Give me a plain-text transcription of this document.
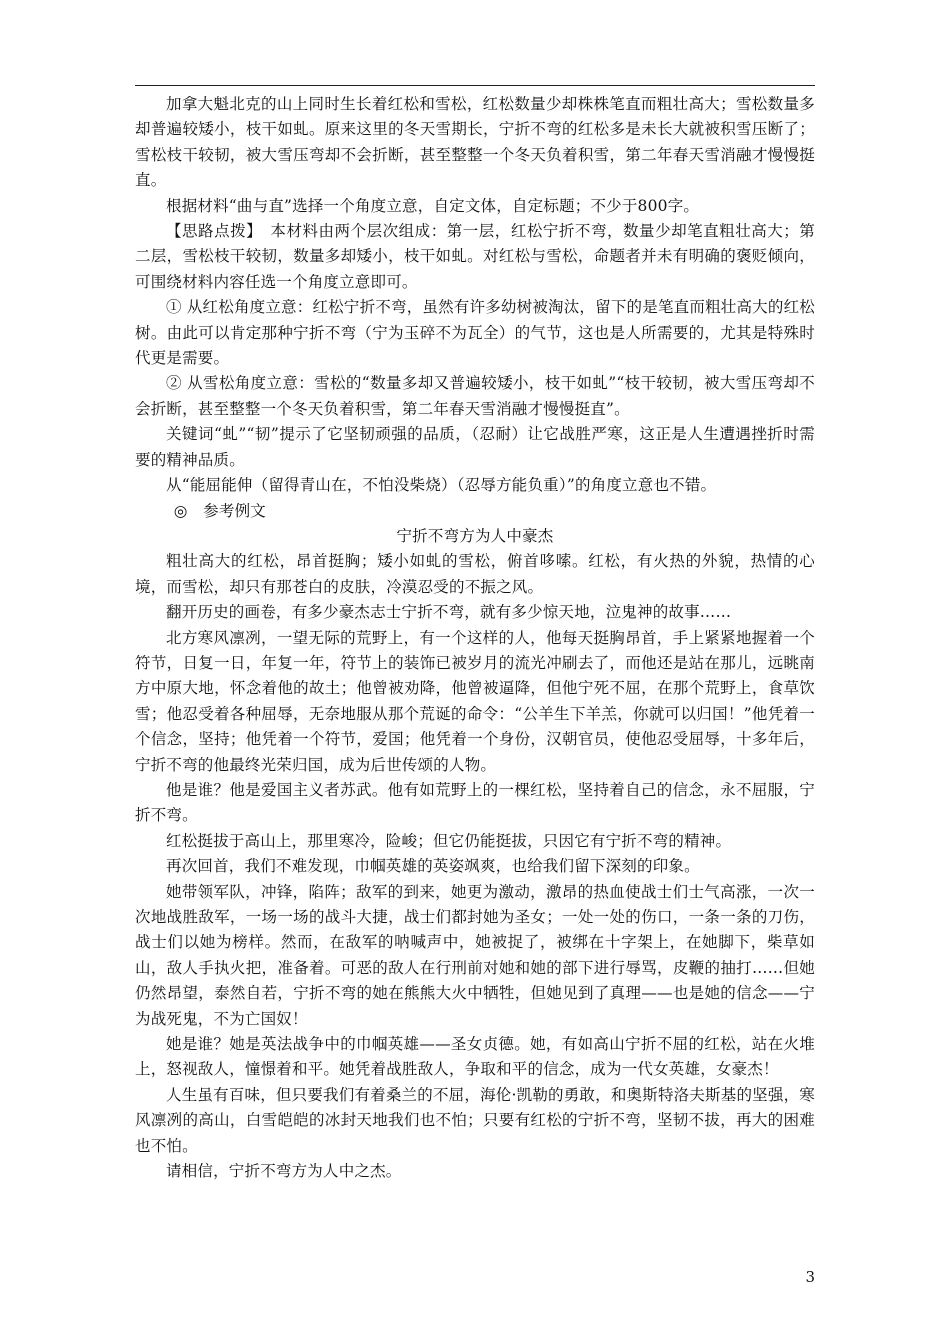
加拿大魁北克的山上同时生长着红松和雪松，红松数量少却株株笔直而粗壮高大；雪松数量多却普遍较矮小，枝干如虬。原来这里的冬天雪期长，宁折不弯的红松多是未长大就被积雪压断了；雪松枝干较韧，被大雪压弯却不会折断，甚至整整一个冬天负着积雪，第二年春天雪消融才慢慢挺直。

根据材料“曲与直”选择一个角度立意，自定文体，自定标题；不少于800字。

【思路点拨】　本材料由两个层次组成：第一层，红松宁折不弯，数量少却笔直粗壮高大；第二层，雪松枝干较韧，数量多却矮小，枝干如虬。对红松与雪松，命题者并未有明确的褒贬倾向，可围绕材料内容任选一个角度立意即可。

① 从红松角度立意：红松宁折不弯，虽然有许多幼树被淘汰，留下的是笔直而粗壮高大的红松树。由此可以肯定那种宁折不弯（宁为玉碎不为瓦全）的气节，这也是人所需要的，尤其是特殊时代更是需要。

② 从雪松角度立意：雪松的“数量多却又普遍较矮小，枝干如虬”“枝干较韧，被大雪压弯却不会折断，甚至整整一个冬天负着积雪，第二年春天雪消融才慢慢挺直”。

关键词“虬”“韧”提示了它坚韧顽强的品质，（忍耐）让它战胜严寒，这正是人生遭遇挫折时需要的精神品质。

从“能屈能伸（留得青山在，不怕没柴烧）（忍辱方能负重）”的角度立意也不错。

◎　参考例文

宁折不弯方为人中豪杰

粗壮高大的红松，昂首挺胸；矮小如虬的雪松，俯首哆嗦。红松，有火热的外貌，热情的心境，而雪松，却只有那苍白的皮肤，冷漠忍受的不振之风。

翻开历史的画卷，有多少豪杰志士宁折不弯，就有多少惊天地，泣鬼神的故事……

北方寒风凛冽，一望无际的荒野上，有一个这样的人，他每天挺胸昂首，手上紧紧地握着一个符节，日复一日，年复一年，符节上的装饰已被岁月的流光冲刷去了，而他还是站在那儿，远眺南方中原大地，怀念着他的故土；他曾被劝降，他曾被逼降，但他宁死不屈，在那个荒野上，食草饮雪；他忍受着各种屈辱，无奈地服从那个荒诞的命令：“公羊生下羊羔，你就可以归国！”他凭着一个信念，坚持；他凭着一个符节，爱国；他凭着一个身份，汉朝官员，使他忍受屈辱，十多年后，宁折不弯的他最终光荣归国，成为后世传颂的人物。

他是谁？他是爱国主义者苏武。他有如荒野上的一棵红松，坚持着自己的信念，永不屈服，宁折不弯。

红松挺拔于高山上，那里寒冷，险峻；但它仍能挺拔，只因它有宁折不弯的精神。

再次回首，我们不难发现，巾帼英雄的英姿飒爽，也给我们留下深刻的印象。

她带领军队，冲锋，陷阵；敌军的到来，她更为激动，激昂的热血使战士们士气高涨，一次一次地战胜敌军，一场一场的战斗大捷，战士们都封她为圣女；一处一处的伤口，一条一条的刀伤，战士们以她为榜样。然而，在敌军的呐喊声中，她被捉了，被绑在十字架上，在她脚下，柴草如山，敌人手执火把，准备着。可恶的敌人在行刑前对她和她的部下进行辱骂，皮鞭的抽打……但她仍然昂望，泰然自若，宁折不弯的她在熊熊大火中牺牲，但她见到了真理——也是她的信念——宁为战死鬼，不为亡国奴！

她是谁？她是英法战争中的巾帼英雄——圣女贞德。她，有如高山宁折不屈的红松，站在火堆上，怒视敌人，憧憬着和平。她凭着战胜敌人，争取和平的信念，成为一代女英雄，女豪杰！

人生虽有百味，但只要我们有着桑兰的不屈，海伦·凯勒的勇敢，和奥斯特洛夫斯基的坚强，寒风凛冽的高山，白雪皑皑的冰封天地我们也不怕；只要有红松的宁折不弯，坚韧不拔，再大的困难也不怕。

请相信，宁折不弯方为人中之杰。

3
